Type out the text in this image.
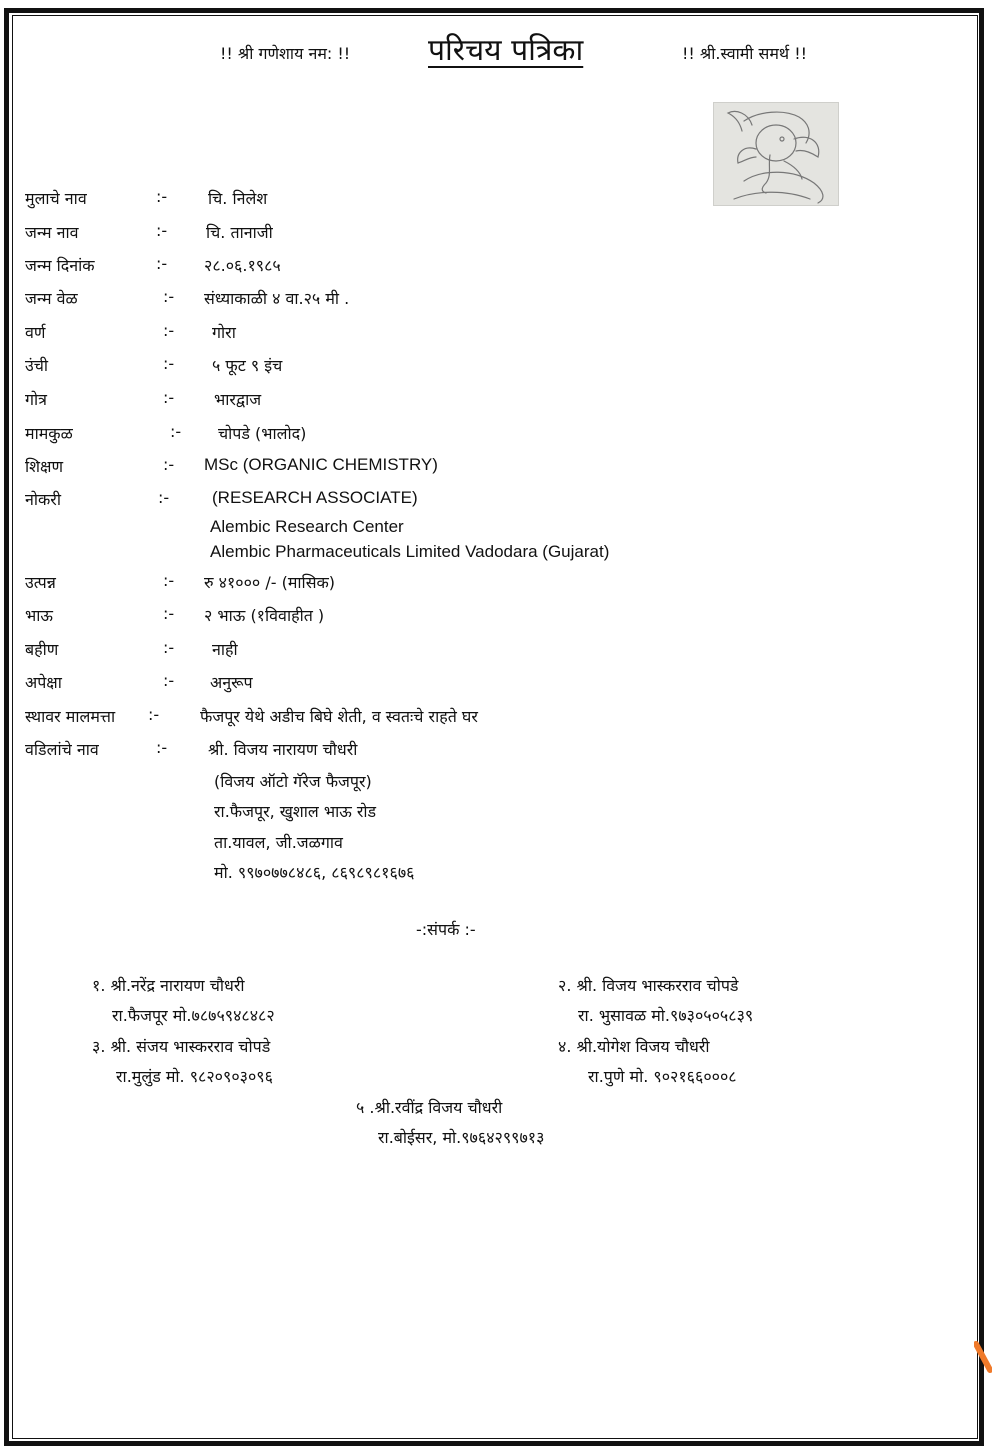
!! श्री गणेशाय नम: !!	परिचय पत्रिका	!! श्री.स्वामी समर्थ !!
मुलाचे नाव	:-	चि. निलेश
जन्म नाव	:- चि. तानाजी
जन्म दिनांक	:- २८.०६.१९८५
जन्म वेळ	:- संध्याकाळी ४ वा.२५ मी .
वर्ण	:- गोरा
उंची	:- ५ फूट ९ इंच
गोत्र	:- भारद्वाज
मामकुळ	:- चोपडे (भालोद)
शिक्षण	:- MSc (ORGANIC CHEMISTRY)
नोकरी	:-	(RESEARCH ASSOCIATE)
Alembic Research Center
Alembic Pharmaceuticals Limited Vadodara (Gujarat)
उत्पन्न	:- रु ४१००० /- (मासिक)
भाऊ	:- २ भाऊ (१विवाहीत )
बहीण	:- नाही
अपेक्षा	:- अनुरूप
स्थावर मालमत्ता :-	फैजपूर येथे अडीच बिघे शेती, व स्वतःचे राहते घर
वडिलांचे नाव	:-	श्री. विजय नारायण चौधरी
(विजय ऑटो गॅरेज फैजपूर)
रा.फैजपूर, खुशाल भाऊ रोड
ता.यावल, जी.जळगाव
मो. ९९७०७७८४८६, ८६९८९८१६७६
-:संपर्क :-
१. श्री.नरेंद्र नारायण चौधरी
रा.फैजपूर मो.७८७५९४८४८२
२. श्री. विजय भास्करराव चोपडे
रा. भुसावळ मो.९७३०५०५८३९
३. श्री. संजय भास्करराव चोपडे
रा.मुलुंड मो. ९८२०९०३०९६
४. श्री.योगेश विजय चौधरी
रा.पुणे मो. ९०२१६६०००८
५ .श्री.रवींद्र विजय चौधरी
रा.बोईसर, मो.९७६४२९९७१३
